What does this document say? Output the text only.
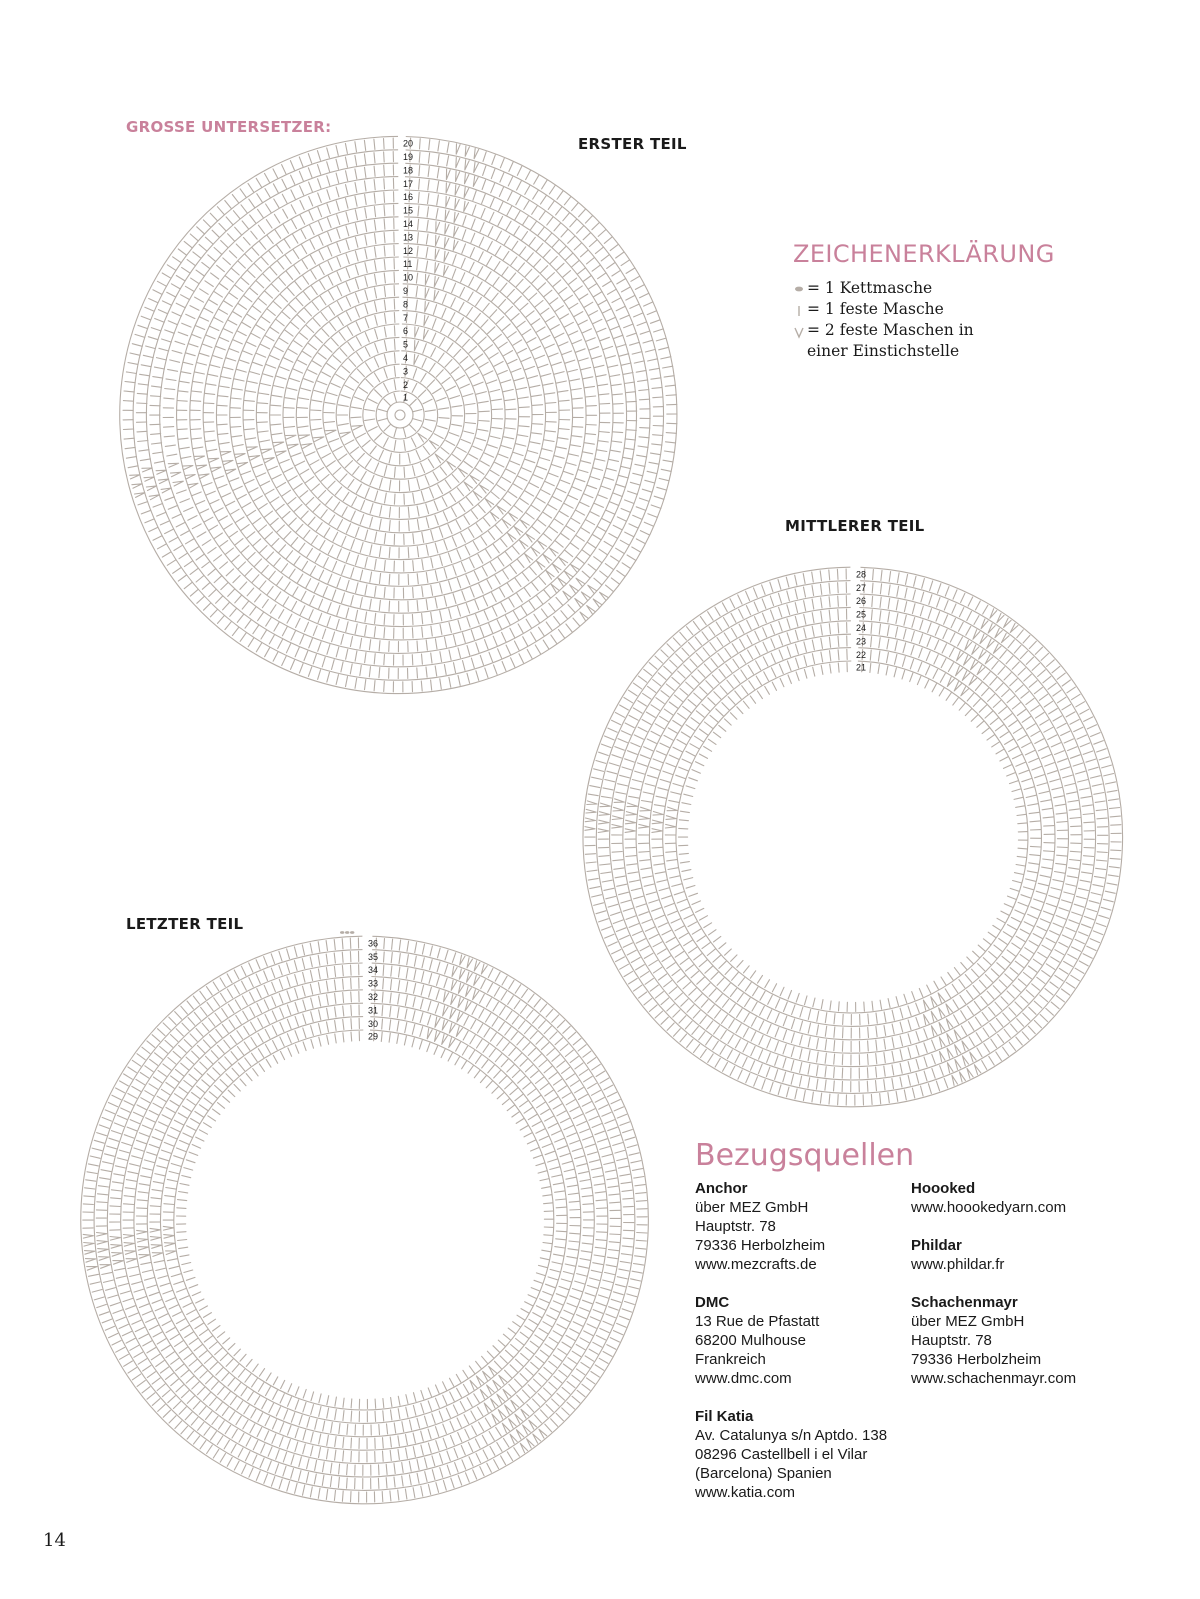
GROSSE UNTERSETZER:
1
2
3
4
5
6
7
8
9
10
11
12
13
14
15
16
17
18
19
20	ERSTER TEIL
21
22
23
24
25
26
27
28
MITTLERER TEIL
29
30
31
32
33
34
35
36
LETZTER TEIL
ZEICHENERKLÄRUNG
= 1 Kettmasche
= 1 feste Masche
= 2 feste Maschen in
einer Einstichstelle
Bezugsquellen
Anchor
über MEZ GmbH
Hauptstr. 78
79336 Herbolzheim
www.mezcrafts.de
DMC
13 Rue de Pfastatt
68200 Mulhouse
Frankreich
www.dmc.com
Fil Katia
Av. Catalunya s/n Aptdo. 138
08296 Castellbell i el Vilar
(Barcelona) Spanien
www.katia.com
Hoooked
www.hoookedyarn.com
Phildar
www.phildar.fr
Schachenmayr
über MEZ GmbH
Hauptstr. 78
79336 Herbolzheim
www.schachenmayr.com
14
